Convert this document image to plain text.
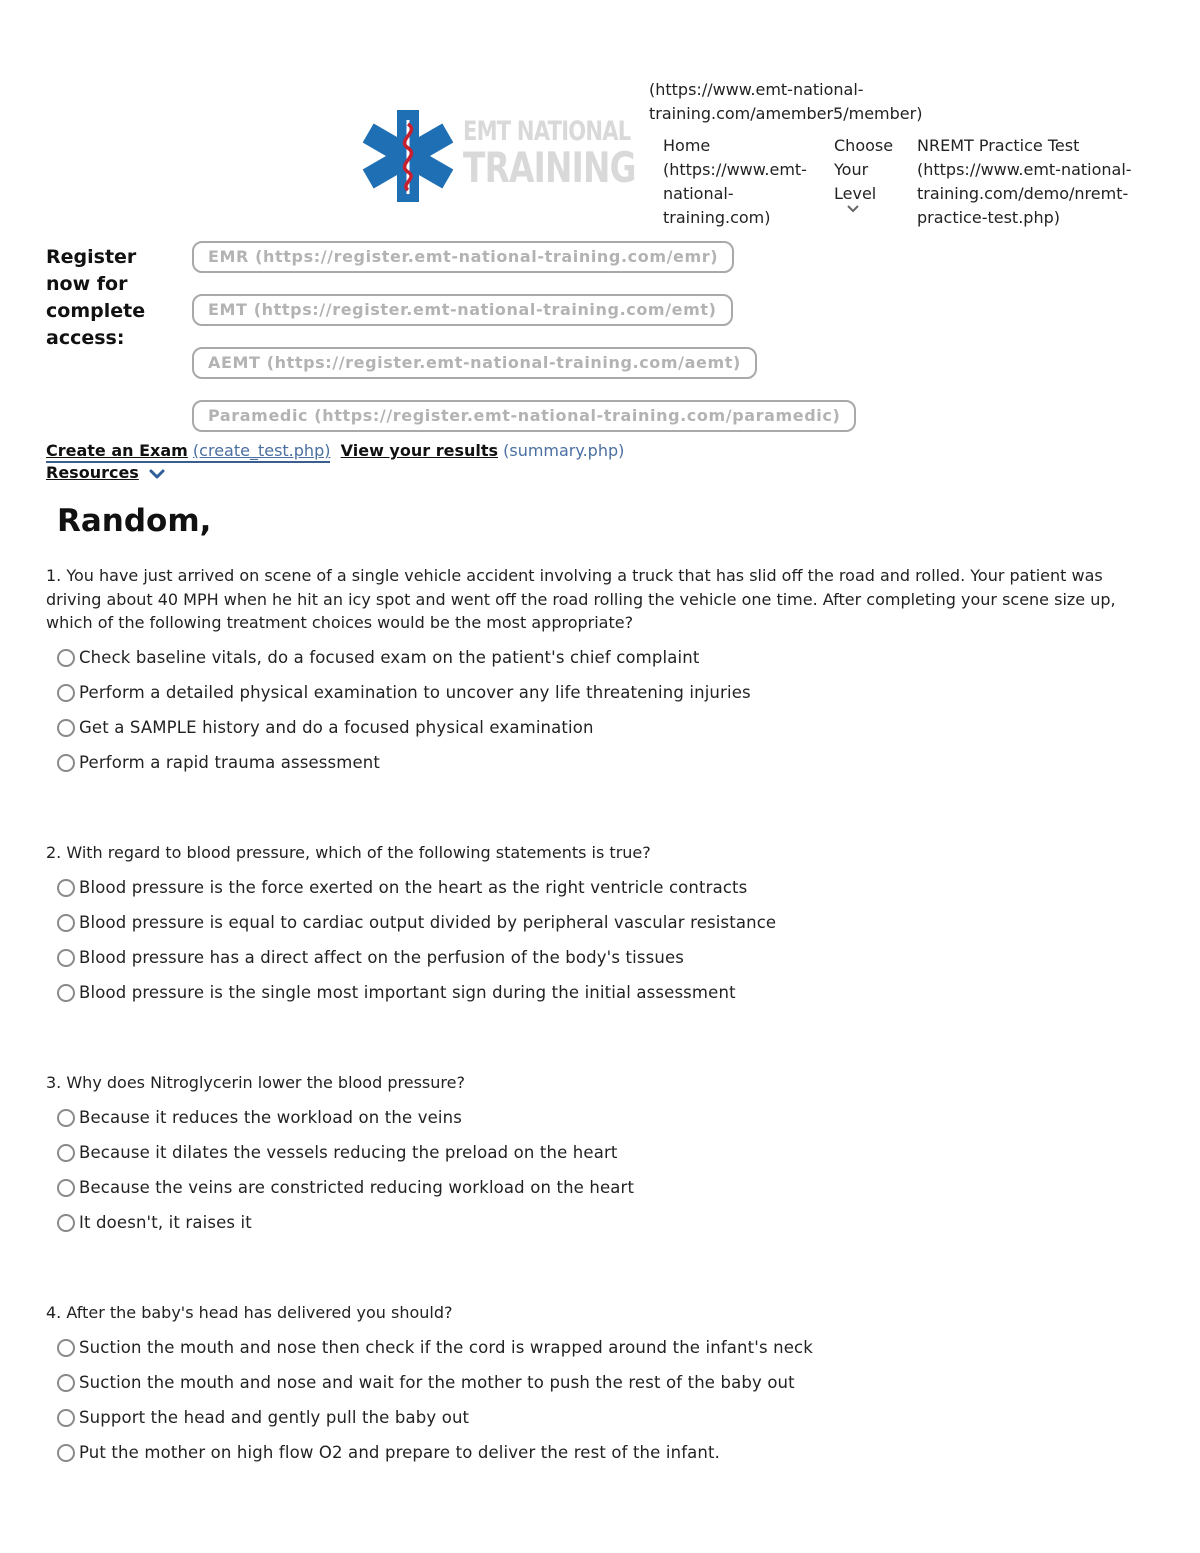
EMT NATIONAL
TRAINING
(https://www.emt-national-training.com/amember5/member)
Home (https://www.emt-national-training.com)
Choose Your Level
NREMT Practice Test (https://www.emt-national-training.com/demo/nremt-practice-test.php)
Register now for complete access:
EMR (https://register.emt-national-training.com/emr)
EMT (https://register.emt-national-training.com/emt)
AEMT (https://register.emt-national-training.com/aemt)
Paramedic (https://register.emt-national-training.com/paramedic)
Create an Exam (create_test.php) View your results (summary.php)
Resources
Random,

1. You have just arrived on scene of a single vehicle accident involving a truck that has slid off the road and rolled. Your patient was driving about 40 MPH when he hit an icy spot and went off the road rolling the vehicle one time. After completing your scene size up, which of the following treatment choices would be the most appropriate?

Check baseline vitals, do a focused exam on the patient's chief complaint
Perform a detailed physical examination to uncover any life threatening injuries
Get a SAMPLE history and do a focused physical examination
Perform a rapid trauma assessment

2. With regard to blood pressure, which of the following statements is true?

Blood pressure is the force exerted on the heart as the right ventricle contracts
Blood pressure is equal to cardiac output divided by peripheral vascular resistance
Blood pressure has a direct affect on the perfusion of the body's tissues
Blood pressure is the single most important sign during the initial assessment

3. Why does Nitroglycerin lower the blood pressure?

Because it reduces the workload on the veins
Because it dilates the vessels reducing the preload on the heart
Because the veins are constricted reducing workload on the heart
It doesn't, it raises it

4. After the baby's head has delivered you should?

Suction the mouth and nose then check if the cord is wrapped around the infant's neck
Suction the mouth and nose and wait for the mother to push the rest of the baby out
Support the head and gently pull the baby out
Put the mother on high flow O2 and prepare to deliver the rest of the infant.
